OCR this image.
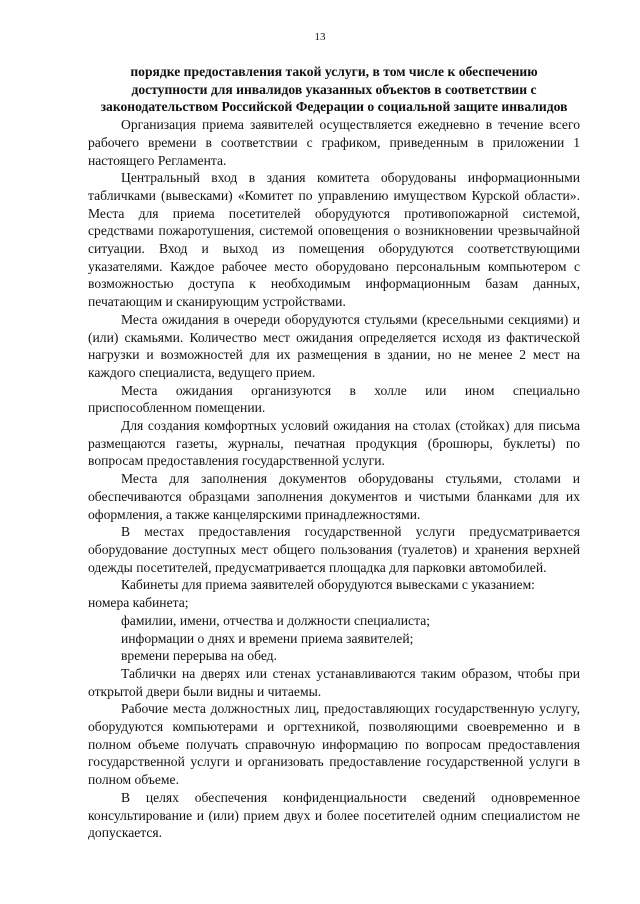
13
порядке предоставления такой услуги, в том числе к обеспечению
доступности для инвалидов указанных объектов в соответствии с
законодательством Российской Федерации о социальной защите инвалидов

Организация приема заявителей осуществляется ежедневно в течение всего рабочего времени в соответствии с графиком, приведенным в приложении 1 настоящего Регламента.

Центральный вход в здания комитета оборудованы информационными табличками (вывесками) «Комитет по управлению имуществом Курской области». Места для приема посетителей оборудуются противопожарной системой, средствами пожаротушения, системой оповещения о возникновении чрезвычайной ситуации. Вход и выход из помещения оборудуются соответствующими указателями. Каждое рабочее место оборудовано персональным компьютером с возможностью доступа к необходимым информационным базам данных, печатающим и сканирующим устройствами.

Места ожидания в очереди оборудуются стульями (кресельными секциями) и (или) скамьями. Количество мест ожидания определяется исходя из фактической нагрузки и возможностей для их размещения в здании, но не менее 2 мест на каждого специалиста, ведущего прием.

Места ожидания организуются в холле или ином специально приспособленном помещении.

Для создания комфортных условий ожидания на столах (стойках) для письма размещаются газеты, журналы, печатная продукция (брошюры, буклеты) по вопросам предоставления государственной услуги.

Места для заполнения документов оборудованы стульями, столами и обеспечиваются образцами заполнения документов и чистыми бланками для их оформления, а также канцелярскими принадлежностями.

В местах предоставления государственной услуги предусматривается оборудование доступных мест общего пользования (туалетов) и хранения верхней одежды посетителей, предусматривается площадка для парковки автомобилей.

Кабинеты для приема заявителей оборудуются вывесками с указанием:

номера кабинета;

фамилии, имени, отчества и должности специалиста;

информации о днях и времени приема заявителей;

времени перерыва на обед.

Таблички на дверях или стенах устанавливаются таким образом, чтобы при открытой двери были видны и читаемы.

Рабочие места должностных лиц, предоставляющих государственную услугу, оборудуются компьютерами и оргтехникой, позволяющими своевременно и в полном объеме получать справочную информацию по вопросам предоставления государственной услуги и организовать предоставление государственной услуги в полном объеме.

В целях обеспечения конфиденциальности сведений одновременное консультирование и (или) прием двух и более посетителей одним специалистом не допускается.
